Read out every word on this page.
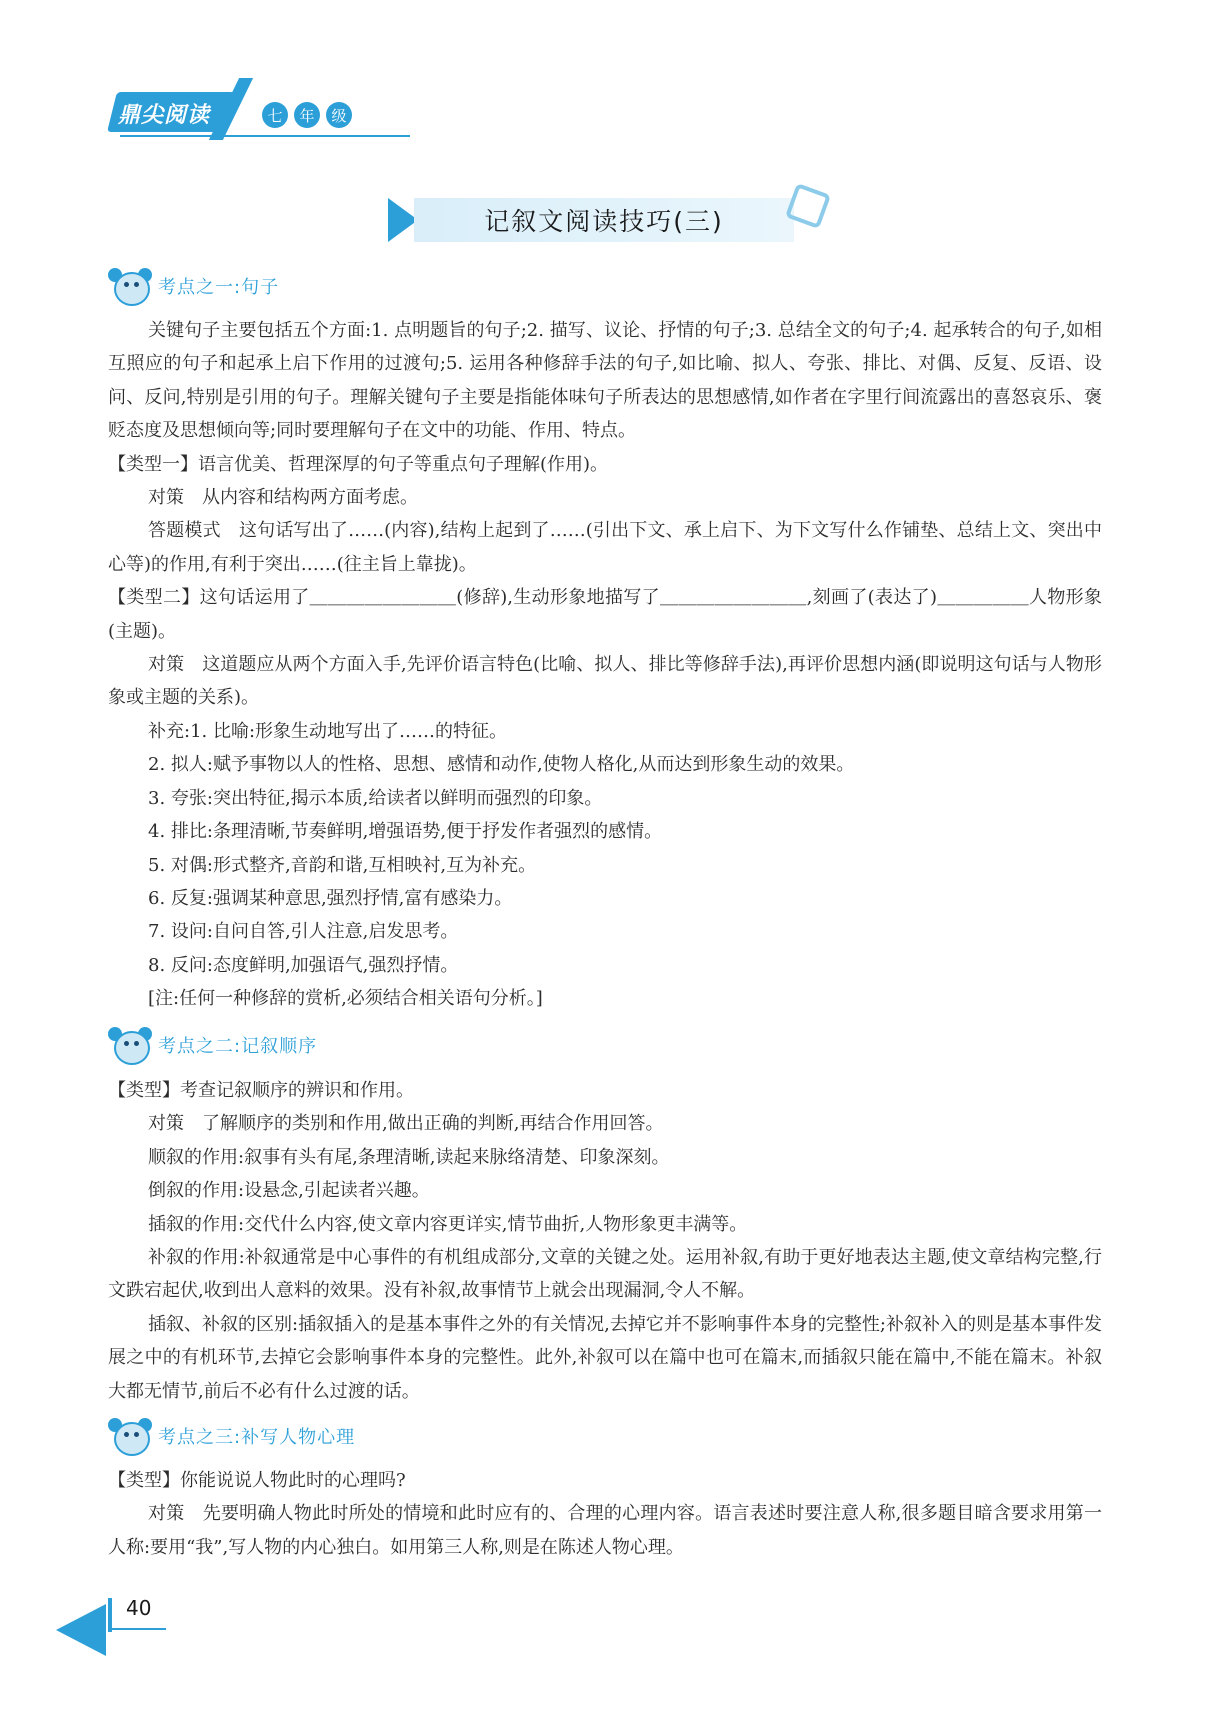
鼎尖阅读	七	年	级
记叙文阅读技巧(三)
考点之一:句子

关键句子主要包括五个方面:1. 点明题旨的句子;2. 描写、议论、抒情的句子;3. 总结全文的句子;4. 起承转合的句子,如相互照应的句子和起承上启下作用的过渡句;5. 运用各种修辞手法的句子,如比喻、拟人、夸张、排比、对偶、反复、反语、设问、反问,特别是引用的句子。理解关键句子主要是指能体味句子所表达的思想感情,如作者在字里行间流露出的喜怒哀乐、褒贬态度及思想倾向等;同时要理解句子在文中的功能、作用、特点。

【类型一】语言优美、哲理深厚的句子等重点句子理解(作用)。

对策　从内容和结构两方面考虑。

答题模式　这句话写出了……(内容),结构上起到了……(引出下文、承上启下、为下文写什么作铺垫、总结上文、突出中心等)的作用,有利于突出……(往主旨上靠拢)。

【类型二】这句话运用了＿＿＿＿＿＿＿＿(修辞),生动形象地描写了＿＿＿＿＿＿＿＿,刻画了(表达了)＿＿＿＿＿人物形象(主题)。

对策　这道题应从两个方面入手,先评价语言特色(比喻、拟人、排比等修辞手法),再评价思想内涵(即说明这句话与人物形象或主题的关系)。

补充:1. 比喻:形象生动地写出了……的特征。

2. 拟人:赋予事物以人的性格、思想、感情和动作,使物人格化,从而达到形象生动的效果。

3. 夸张:突出特征,揭示本质,给读者以鲜明而强烈的印象。

4. 排比:条理清晰,节奏鲜明,增强语势,便于抒发作者强烈的感情。

5. 对偶:形式整齐,音韵和谐,互相映衬,互为补充。

6. 反复:强调某种意思,强烈抒情,富有感染力。

7. 设问:自问自答,引人注意,启发思考。

8. 反问:态度鲜明,加强语气,强烈抒情。

[注:任何一种修辞的赏析,必须结合相关语句分析。]

考点之二:记叙顺序

【类型】考查记叙顺序的辨识和作用。

对策　了解顺序的类别和作用,做出正确的判断,再结合作用回答。

顺叙的作用:叙事有头有尾,条理清晰,读起来脉络清楚、印象深刻。

倒叙的作用:设悬念,引起读者兴趣。

插叙的作用:交代什么内容,使文章内容更详实,情节曲折,人物形象更丰满等。

补叙的作用:补叙通常是中心事件的有机组成部分,文章的关键之处。运用补叙,有助于更好地表达主题,使文章结构完整,行文跌宕起伏,收到出人意料的效果。没有补叙,故事情节上就会出现漏洞,令人不解。

插叙、补叙的区别:插叙插入的是基本事件之外的有关情况,去掉它并不影响事件本身的完整性;补叙补入的则是基本事件发展之中的有机环节,去掉它会影响事件本身的完整性。此外,补叙可以在篇中也可在篇末,而插叙只能在篇中,不能在篇末。补叙大都无情节,前后不必有什么过渡的话。

考点之三:补写人物心理

【类型】你能说说人物此时的心理吗?

对策　先要明确人物此时所处的情境和此时应有的、合理的心理内容。语言表述时要注意人称,很多题目暗含要求用第一人称:要用“我”,写人物的内心独白。如用第三人称,则是在陈述人物心理。

40
